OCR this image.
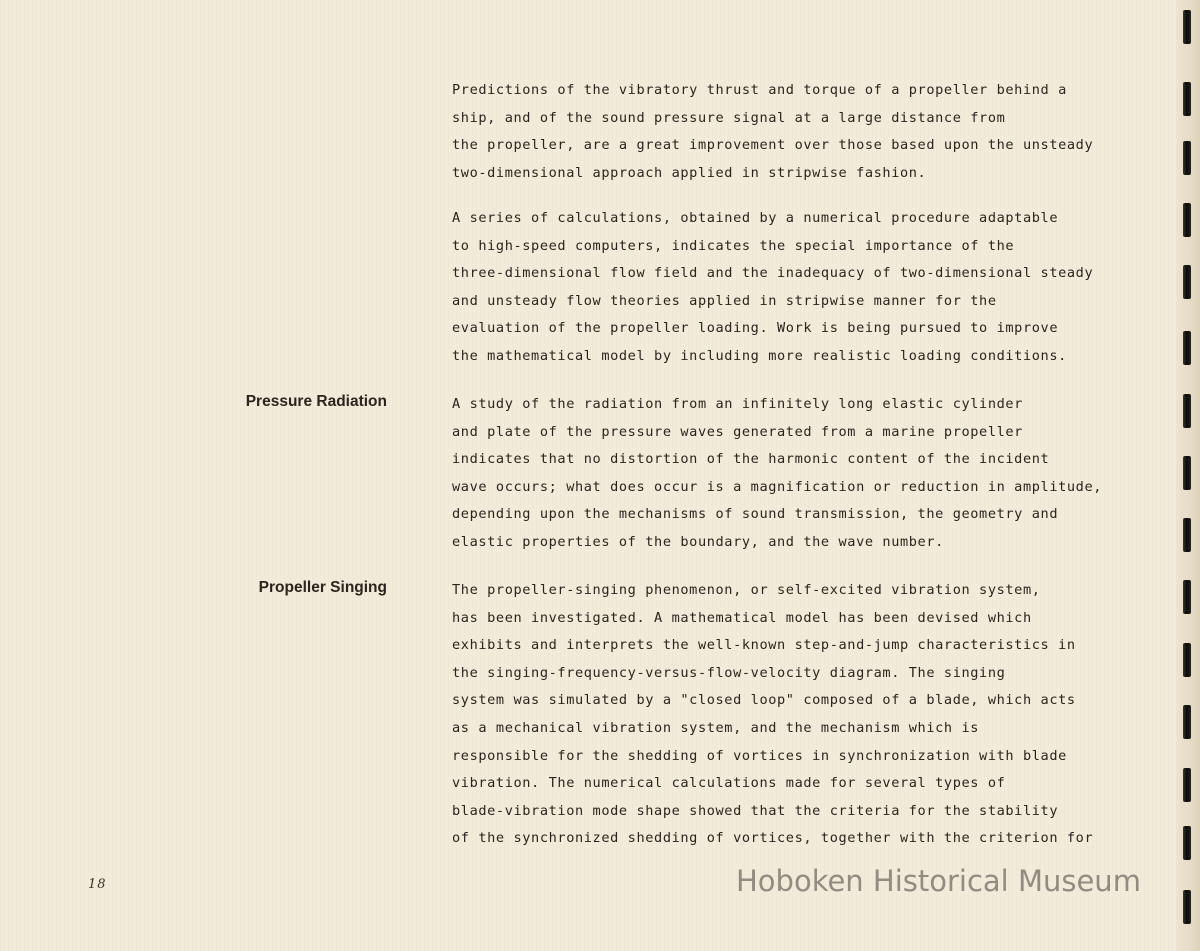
Pressure Radiation
Propeller Singing

Predictions of the vibratory thrust and torque of a propeller behind a
ship, and of the sound pressure signal at a large distance from
the propeller, are a great improvement over those based upon the unsteady
two-dimensional approach applied in stripwise fashion.

A series of calculations, obtained by a numerical procedure adaptable
to high-speed computers, indicates the special importance of the
three-dimensional flow field and the inadequacy of two-dimensional steady
and unsteady flow theories applied in stripwise manner for the
evaluation of the propeller loading. Work is being pursued to improve
the mathematical model by including more realistic loading conditions.

A study of the radiation from an infinitely long elastic cylinder
and plate of the pressure waves generated from a marine propeller
indicates that no distortion of the harmonic content of the incident
wave occurs; what does occur is a magnification or reduction in amplitude,
depending upon the mechanisms of sound transmission, the geometry and
elastic properties of the boundary, and the wave number.

The propeller-singing phenomenon, or self-excited vibration system,
has been investigated. A mathematical model has been devised which
exhibits and interprets the well-known step-and-jump characteristics in
the singing-frequency-versus-flow-velocity diagram. The singing
system was simulated by a "closed loop" composed of a blade, which acts
as a mechanical vibration system, and the mechanism which is
responsible for the shedding of vortices in synchronization with blade
vibration. The numerical calculations made for several types of
blade-vibration mode shape showed that the criteria for the stability
of the synchronized shedding of vortices, together with the criterion for

18	Hoboken Historical Museum
